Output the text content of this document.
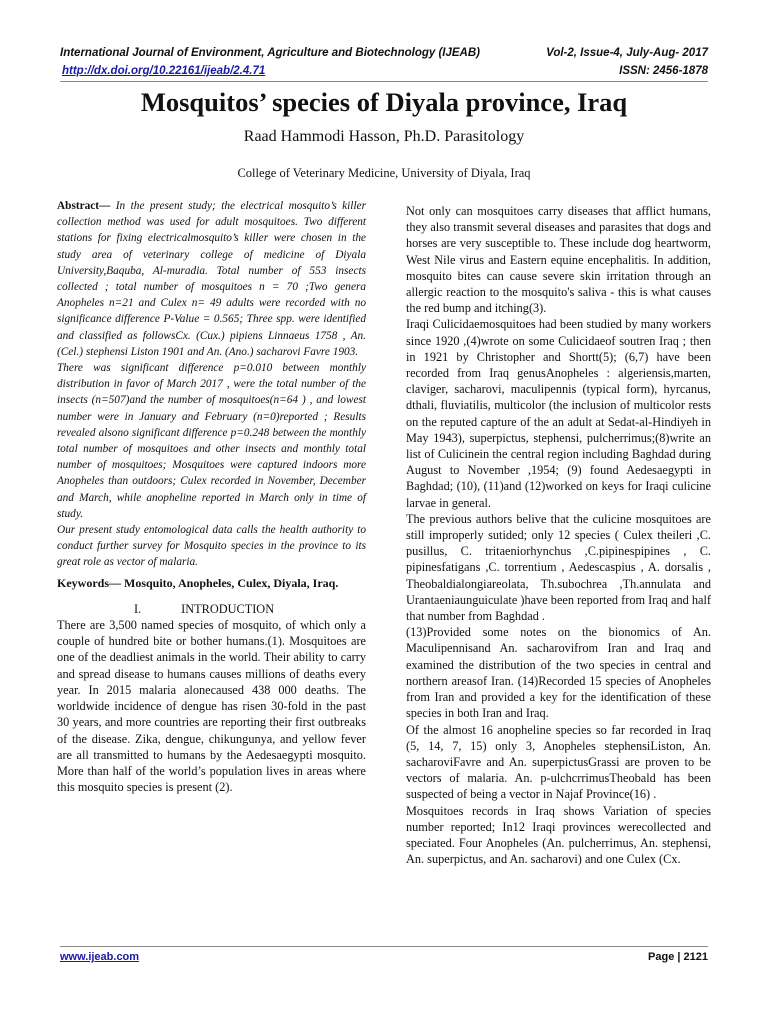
International Journal of Environment, Agriculture and Biotechnology (IJEAB)	Vol-2, Issue-4, July-Aug- 2017
http://dx.doi.org/10.22161/ijeab/2.4.71	ISSN: 2456-1878
Mosquitos’ species of Diyala province, Iraq
Raad Hammodi Hasson, Ph.D. Parasitology
College of Veterinary Medicine, University of Diyala, Iraq

Abstract— In the present study; the electrical mosquito’s killer collection method was used for adult mosquitoes. Two different stations for fixing electricalmosquito’s killer were chosen in the study area of veterinary college of medicine of Diyala University,Baquba, Al-muradia. Total number of 553 insects collected ; total number of mosquitoes n = 70 ;Two genera Anopheles n=21 and Culex n= 49 adults were recorded with no significance difference P-Value = 0.565; Three spp. were identified and classified as followsCx. (Cux.) pipiens Linnaeus 1758 , An. (Cel.) stephensi Liston 1901 and An. (Ano.) sacharovi Favre 1903.

There was significant difference p=0.010 between monthly distribution in favor of March 2017 , were the total number of the insects (n=507)and the number of mosquitoes(n=64 ) , and lowest number were in January and February (n=0)reported ; Results revealed alsono significant difference p=0.248 between the monthly total number of mosquitoes and other insects and monthly total number of mosquitoes; Mosquitoes were captured indoors more Anopheles than outdoors; Culex recorded in November, December and March, while anopheline reported in March only in time of study.

Our present study entomological data calls the health authority to conduct further survey for Mosquito species in the province to its great role as vector of malaria.

Keywords— Mosquito, Anopheles, Culex, Diyala, Iraq.

I.	INTRODUCTION

There are 3,500 named species of mosquito, of which only a couple of hundred bite or bother humans.(1). Mosquitoes are one of the deadliest animals in the world. Their ability to carry and spread disease to humans causes millions of deaths every year. In 2015 malaria alonecaused 438 000 deaths. The worldwide incidence of dengue has risen 30-fold in the past 30 years, and more countries are reporting their first outbreaks of the disease. Zika, dengue, chikungunya, and yellow fever are all transmitted to humans by the Aedesaegypti mosquito. More than half of the world’s population lives in areas where this mosquito species is present (2).

Not only can mosquitoes carry diseases that afflict humans, they also transmit several diseases and parasites that dogs and horses are very susceptible to. These include dog heartworm, West Nile virus and Eastern equine encephalitis. In addition, mosquito bites can cause severe skin irritation through an allergic reaction to the mosquito's saliva - this is what causes the red bump and itching(3).

Iraqi Culicidaemosquitoes had been studied by many workers since 1920 ,(4)wrote on some Culicidaeof soutren Iraq ; then in 1921 by Christopher and Shortt(5); (6,7) have been recorded from Iraq genusAnopheles : algeriensis,marten, claviger, sacharovi, maculipennis (typical form), hyrcanus, dthali, fluviatilis, multicolor (the inclusion of multicolor rests on the reputed capture of the an adult at Sedat-al-Hindiyeh in May 1943), superpictus, stephensi, pulcherrimus;(8)write an list of Culicinein the central region including Baghdad during August to November ,1954; (9) found Aedesaegypti in Baghdad; (10), (11)and (12)worked on keys for Iraqi culicine larvae in general.

The previous authors belive that the culicine mosquitoes are still improperly sutided; only 12 species ( Culex theileri ,C. pusillus, C. tritaeniorhynchus ,C.pipinespipines , C. pipinesfatigans ,C. torrentium , Aedescaspius , A. dorsalis , Theobaldialongiareolata, Th.subochrea ,Th.annulata and Urantaeniaunguiculate )have been reported from Iraq and half that number from Baghdad .

(13)Provided some notes on the bionomics of An. Maculipennisand An. sacharovifrom Iran and Iraq and examined the distribution of the two species in central and northern areasof Iran. (14)Recorded 15 species of Anopheles from Iran and provided a key for the identification of these species in both Iran and Iraq.

Of the almost 16 anopheline species so far recorded in Iraq (5, 14, 7, 15) only 3, Anopheles stephensiListon, An. sacharoviFavre and An. superpictusGrassi are proven to be vectors of malaria. An. p-ulchcrrimusTheobald has been suspected of being a vector in Najaf Province(16) .

Mosquitoes records in Iraq shows Variation of species number reported; In12 Iraqi provinces werecollected and speciated. Four Anopheles (An. pulcherrimus, An. stephensi, An. superpictus, and An. sacharovi) and one Culex (Cx.

www.ijeab.com	Page | 2121
